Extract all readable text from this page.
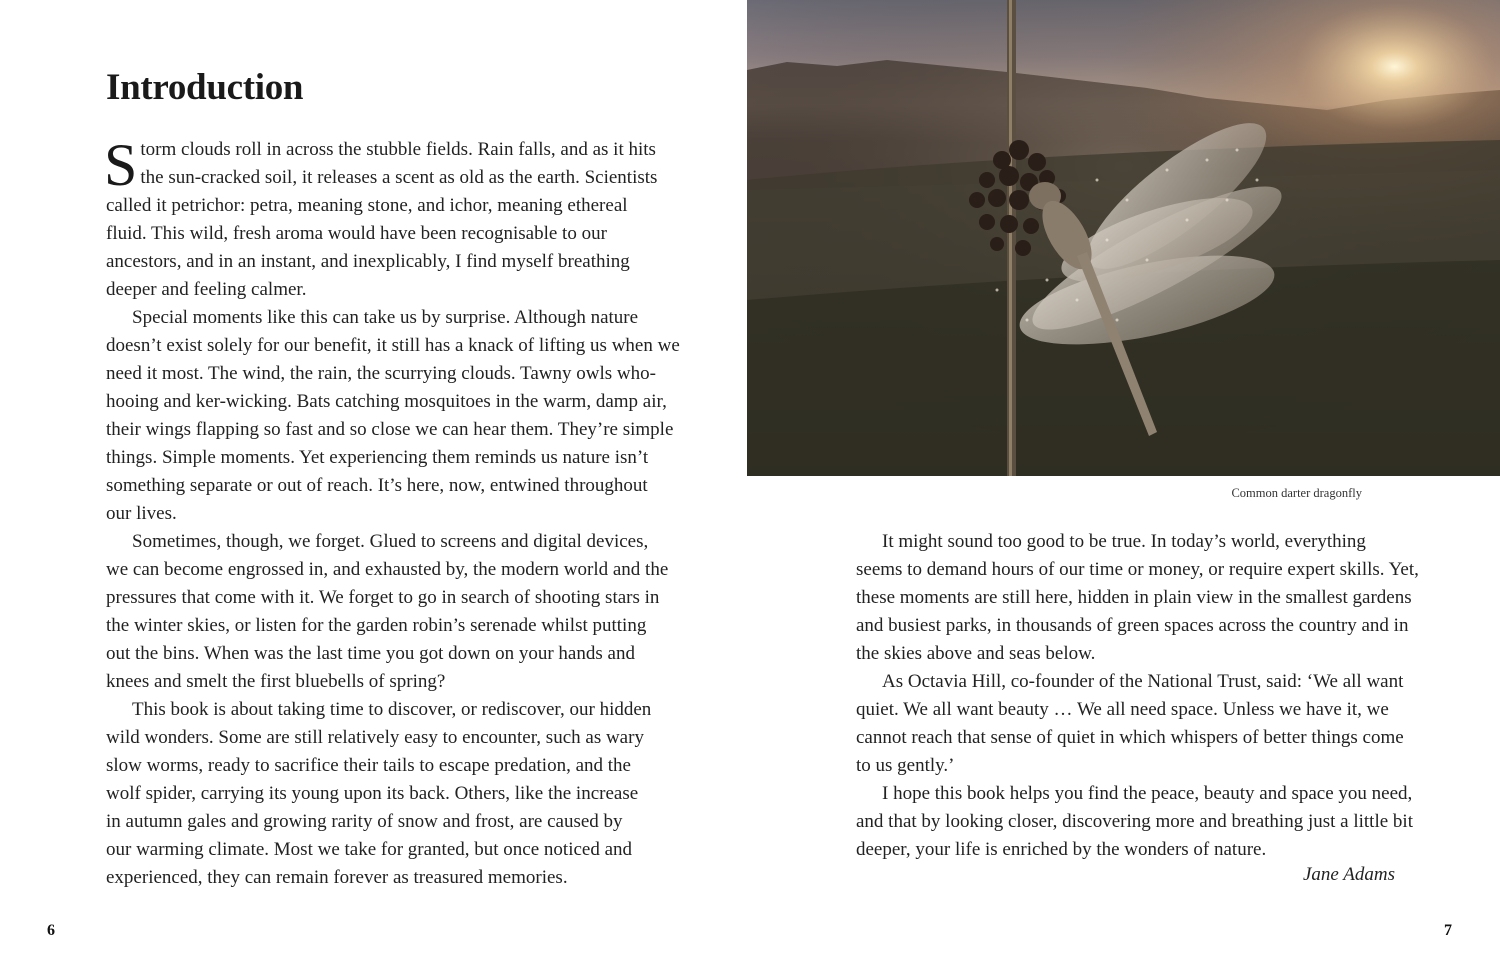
Introduction
Storm clouds roll in across the stubble fields. Rain falls, and as it hits
the sun-cracked soil, it releases a scent as old as the earth. Scientists
called it petrichor: petra, meaning stone, and ichor, meaning ethereal
fluid. This wild, fresh aroma would have been recognisable to our
ancestors, and in an instant, and inexplicably, I find myself breathing
deeper and feeling calmer.
Special moments like this can take us by surprise. Although nature
doesn’t exist solely for our benefit, it still has a knack of lifting us when we
need it most. The wind, the rain, the scurrying clouds. Tawny owls who-
hooing and ker-wicking. Bats catching mosquitoes in the warm, damp air,
their wings flapping so fast and so close we can hear them. They’re simple
things. Simple moments. Yet experiencing them reminds us nature isn’t
something separate or out of reach. It’s here, now, entwined throughout
our lives.
Sometimes, though, we forget. Glued to screens and digital devices,
we can become engrossed in, and exhausted by, the modern world and the
pressures that come with it. We forget to go in search of shooting stars in
the winter skies, or listen for the garden robin’s serenade whilst putting
out the bins. When was the last time you got down on your hands and
knees and smelt the first bluebells of spring?
This book is about taking time to discover, or rediscover, our hidden
wild wonders. Some are still relatively easy to encounter, such as wary
slow worms, ready to sacrifice their tails to escape predation, and the
wolf spider, carrying its young upon its back. Others, like the increase
in autumn gales and growing rarity of snow and frost, are caused by
our warming climate. Most we take for granted, but once noticed and
experienced, they can remain forever as treasured memories.

6

Common darter dragonfly

It might sound too good to be true. In today’s world, everything
seems to demand hours of our time or money, or require expert skills. Yet,
these moments are still here, hidden in plain view in the smallest gardens
and busiest parks, in thousands of green spaces across the country and in
the skies above and seas below.
As Octavia Hill, co-founder of the National Trust, said: ‘We all want
quiet. We all want beauty … We all need space. Unless we have it, we
cannot reach that sense of quiet in which whispers of better things come
to us gently.’
I hope this book helps you find the peace, beauty and space you need,
and that by looking closer, discovering more and breathing just a little bit
deeper, your life is enriched by the wonders of nature.

Jane Adams

7
